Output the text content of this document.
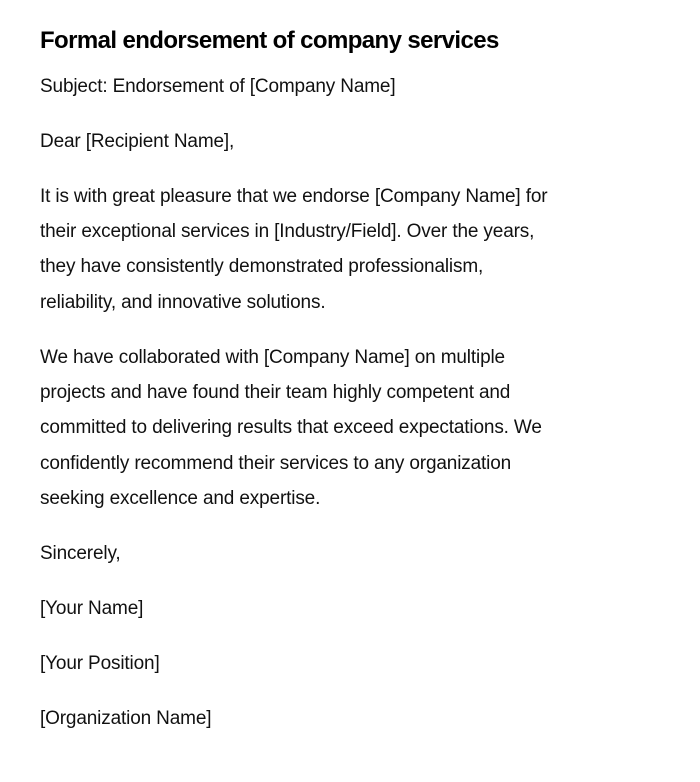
Formal endorsement of company services

Subject: Endorsement of [Company Name]

Dear [Recipient Name],

It is with great pleasure that we endorse [Company Name] for
their exceptional services in [Industry/Field]. Over the years,
they have consistently demonstrated professionalism,
reliability, and innovative solutions.

We have collaborated with [Company Name] on multiple
projects and have found their team highly competent and
committed to delivering results that exceed expectations. We
confidently recommend their services to any organization
seeking excellence and expertise.

Sincerely,

[Your Name]

[Your Position]

[Organization Name]
